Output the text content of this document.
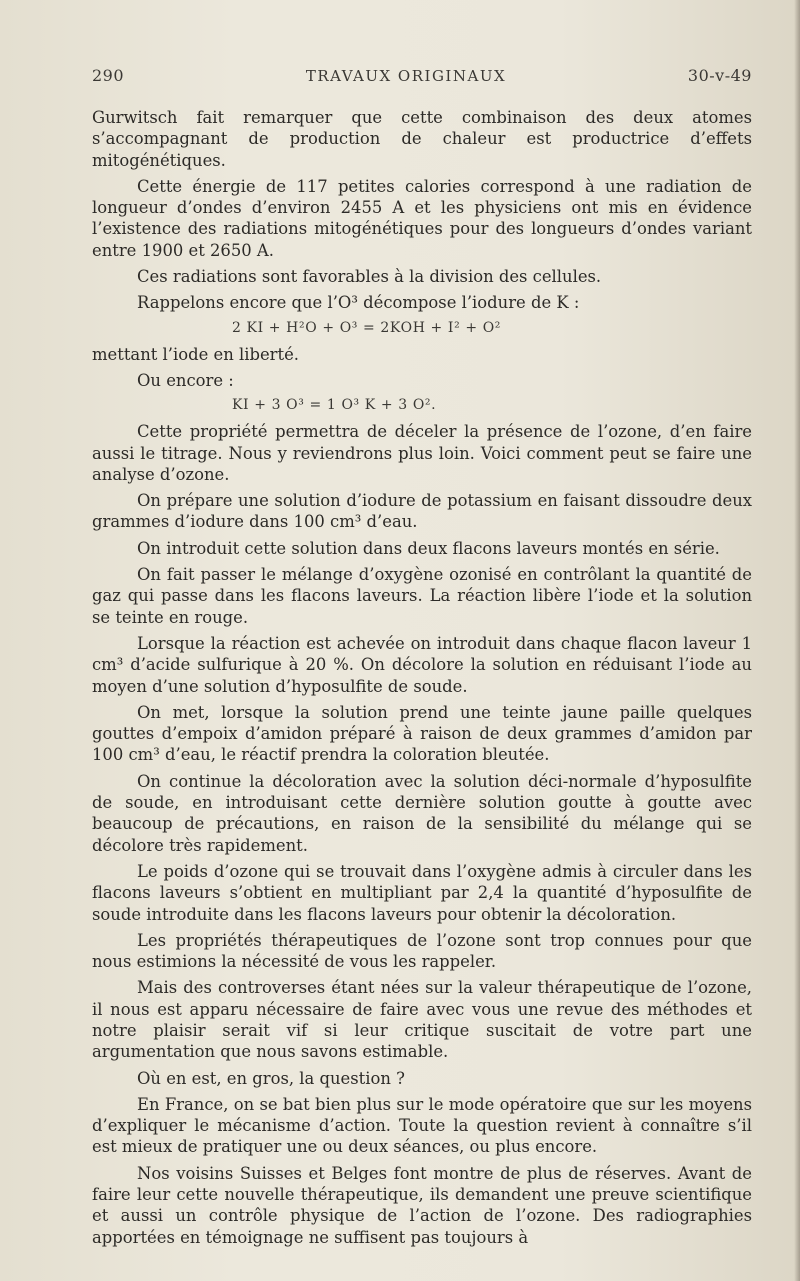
290	TRAVAUX ORIGINAUX	30-v-49

Gurwitsch fait remarquer que cette combinaison des deux atomes s’accompagnant de production de chaleur est productrice d’effets mitogénétiques.

Cette énergie de 117 petites calories correspond à une radiation de longueur d’ondes d’environ 2455 A et les physiciens ont mis en évidence l’existence des radiations mitogénétiques pour des longueurs d’ondes variant entre 1900 et 2650 A.

Ces radiations sont favorables à la division des cellules.

Rappelons encore que l’O³ décompose l’iodure de K :

2 KI + H²O + O³ = 2KOH + I² + O²

mettant l’iode en liberté.

Ou encore :

KI + 3 O³ = 1 O³ K + 3 O².

Cette propriété permettra de déceler la présence de l’ozone, d’en faire aussi le titrage. Nous y reviendrons plus loin. Voici comment peut se faire une analyse d’ozone.

On prépare une solution d’iodure de potassium en faisant dissoudre deux grammes d’iodure dans 100 cm³ d’eau.

On introduit cette solution dans deux flacons laveurs montés en série.

On fait passer le mélange d’oxygène ozonisé en contrôlant la quantité de gaz qui passe dans les flacons laveurs. La réaction libère l’iode et la solution se teinte en rouge.

Lorsque la réaction est achevée on introduit dans chaque flacon laveur 1 cm³ d’acide sulfurique à 20 %. On décolore la solution en réduisant l’iode au moyen d’une solution d’hyposulfite de soude.

On met, lorsque la solution prend une teinte jaune paille quelques gouttes d’empoix d’amidon préparé à raison de deux grammes d’amidon par 100 cm³ d’eau, le réactif prendra la coloration bleutée.

On continue la décoloration avec la solution déci-normale d’hyposulfite de soude, en introduisant cette dernière solution goutte à goutte avec beaucoup de précautions, en raison de la sensibilité du mélange qui se décolore très rapidement.

Le poids d’ozone qui se trouvait dans l’oxygène admis à circuler dans les flacons laveurs s’obtient en multipliant par 2,4 la quantité d’hyposulfite de soude introduite dans les flacons laveurs pour obtenir la décoloration.

Les propriétés thérapeutiques de l’ozone sont trop connues pour que nous estimions la nécessité de vous les rappeler.

Mais des controverses étant nées sur la valeur thérapeutique de l’ozone, il nous est apparu nécessaire de faire avec vous une revue des méthodes et notre plaisir serait vif si leur critique suscitait de votre part une argumentation que nous savons estimable.

Où en est, en gros, la question ?

En France, on se bat bien plus sur le mode opératoire que sur les moyens d’expliquer le mécanisme d’action. Toute la question revient à connaître s’il est mieux de pratiquer une ou deux séances, ou plus encore.

Nos voisins Suisses et Belges font montre de plus de réserves. Avant de faire leur cette nouvelle thérapeutique, ils demandent une preuve scientifique et aussi un contrôle physique de l’action de l’ozone. Des radiographies apportées en témoignage ne suffisent pas toujours à
